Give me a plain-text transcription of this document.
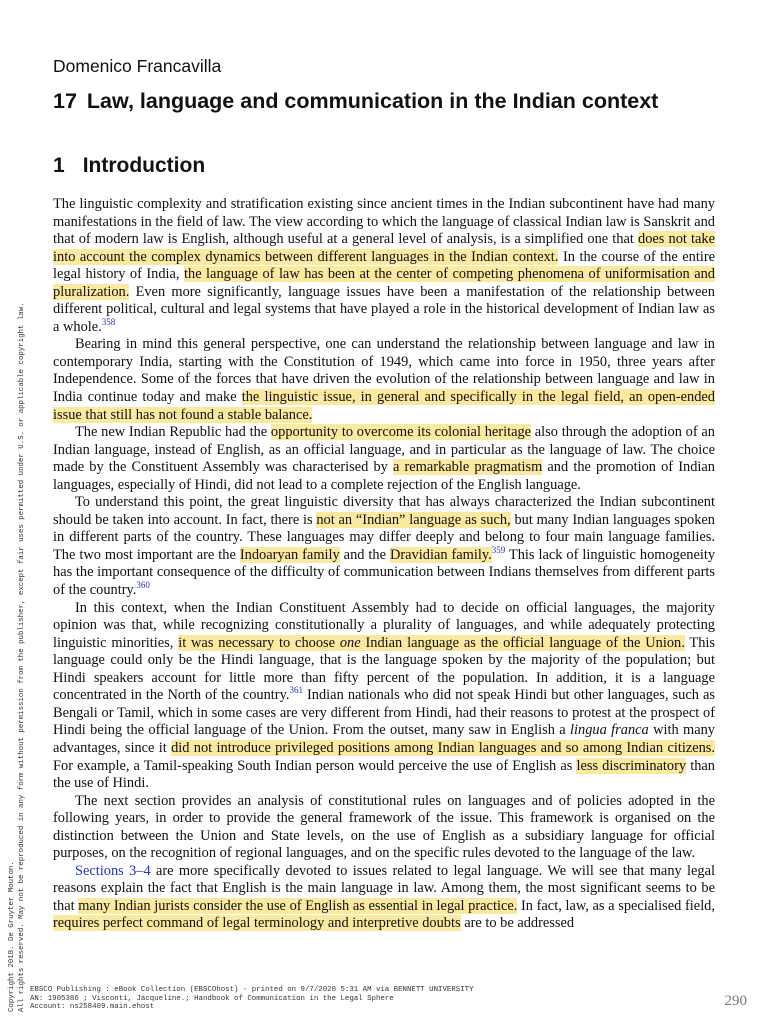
Domenico Francavilla
17 Law, language and communication in the Indian context
1 Introduction

The linguistic complexity and stratification existing since ancient times in the Indian subcontinent have had many manifestations in the field of law. The view according to which the language of classical Indian law is Sanskrit and that of modern law is English, although useful at a general level of analysis, is a simplified one that does not take into account the complex dynamics between different languages in the Indian context. In the course of the entire legal history of India, the language of law has been at the center of competing phenomena of uniformisation and pluralization. Even more significantly, language issues have been a manifestation of the relationship between different political, cultural and legal systems that have played a role in the historical development of Indian law as a whole.$^{358}$

Bearing in mind this general perspective, one can understand the relationship between language and law in contemporary India, starting with the Constitution of 1949, which came into force in 1950, three years after Independence. Some of the forces that have driven the evolution of the relationship between language and law in India continue today and make the linguistic issue, in general and specifically in the legal field, an open-ended issue that still has not found a stable balance.

The new Indian Republic had the opportunity to overcome its colonial heritage also through the adoption of an Indian language, instead of English, as an official language, and in particular as the language of law. The choice made by the Constituent Assembly was characterised by a remarkable pragmatism and the promotion of Indian languages, especially of Hindi, did not lead to a complete rejection of the English language.

To understand this point, the great linguistic diversity that has always characterized the Indian subcontinent should be taken into account. In fact, there is not an “Indian” language as such, but many Indian languages spoken in different parts of the country. These languages may differ deeply and belong to four main language families. The two most important are the Indoaryan family and the Dravidian family.$^{359}$ This lack of linguistic homogeneity has the important consequence of the difficulty of communication between Indians themselves from different parts of the country.$^{360}$

In this context, when the Indian Constituent Assembly had to decide on official languages, the majority opinion was that, while recognizing constitutionally a plurality of languages, and while adequately protecting linguistic minorities, it was necessary to choose one Indian language as the official language of the Union. This language could only be the Hindi language, that is the language spoken by the majority of the population; but Hindi speakers account for little more than fifty percent of the population. In addition, it is a language concentrated in the North of the country.$^{361}$ Indian nationals who did not speak Hindi but other languages, such as Bengali or Tamil, which in some cases are very different from Hindi, had their reasons to protest at the prospect of Hindi being the official language of the Union. From the outset, many saw in English a lingua franca with many advantages, since it did not introduce privileged positions among Indian languages and so among Indian citizens. For example, a Tamil-speaking South Indian person would perceive the use of English as less discriminatory than the use of Hindi.

The next section provides an analysis of constitutional rules on languages and of policies adopted in the following years, in order to provide the general framework of the issue. This framework is organised on the distinction between the Union and State levels, on the use of English as a subsidiary language for official purposes, on the recognition of regional languages, and on the specific rules devoted to the language of the law.

Sections 3–4 are more specifically devoted to issues related to legal language. We will see that many legal reasons explain the fact that English is the main language in law. Among them, the most significant seems to be that many Indian jurists consider the use of English as essential in legal practice. In fact, law, as a specialised field, requires perfect command of legal terminology and interpretive doubts are to be addressed

Copyright 2018. De Gruyter Mouton. All rights reserved. May not be reproduced in any form without permission from the publisher, except fair uses permitted under U.S. or applicable copyright law. EBSCO Publishing : eBook Collection (EBSCOhost) - printed on 9/7/2020 5:31 AM via BENNETT UNIVERSITY
AN: 1905386 ; Visconti, Jacqueline.; Handbook of Communication in the Legal Sphere
Account: ns258409.main.ehost	290
